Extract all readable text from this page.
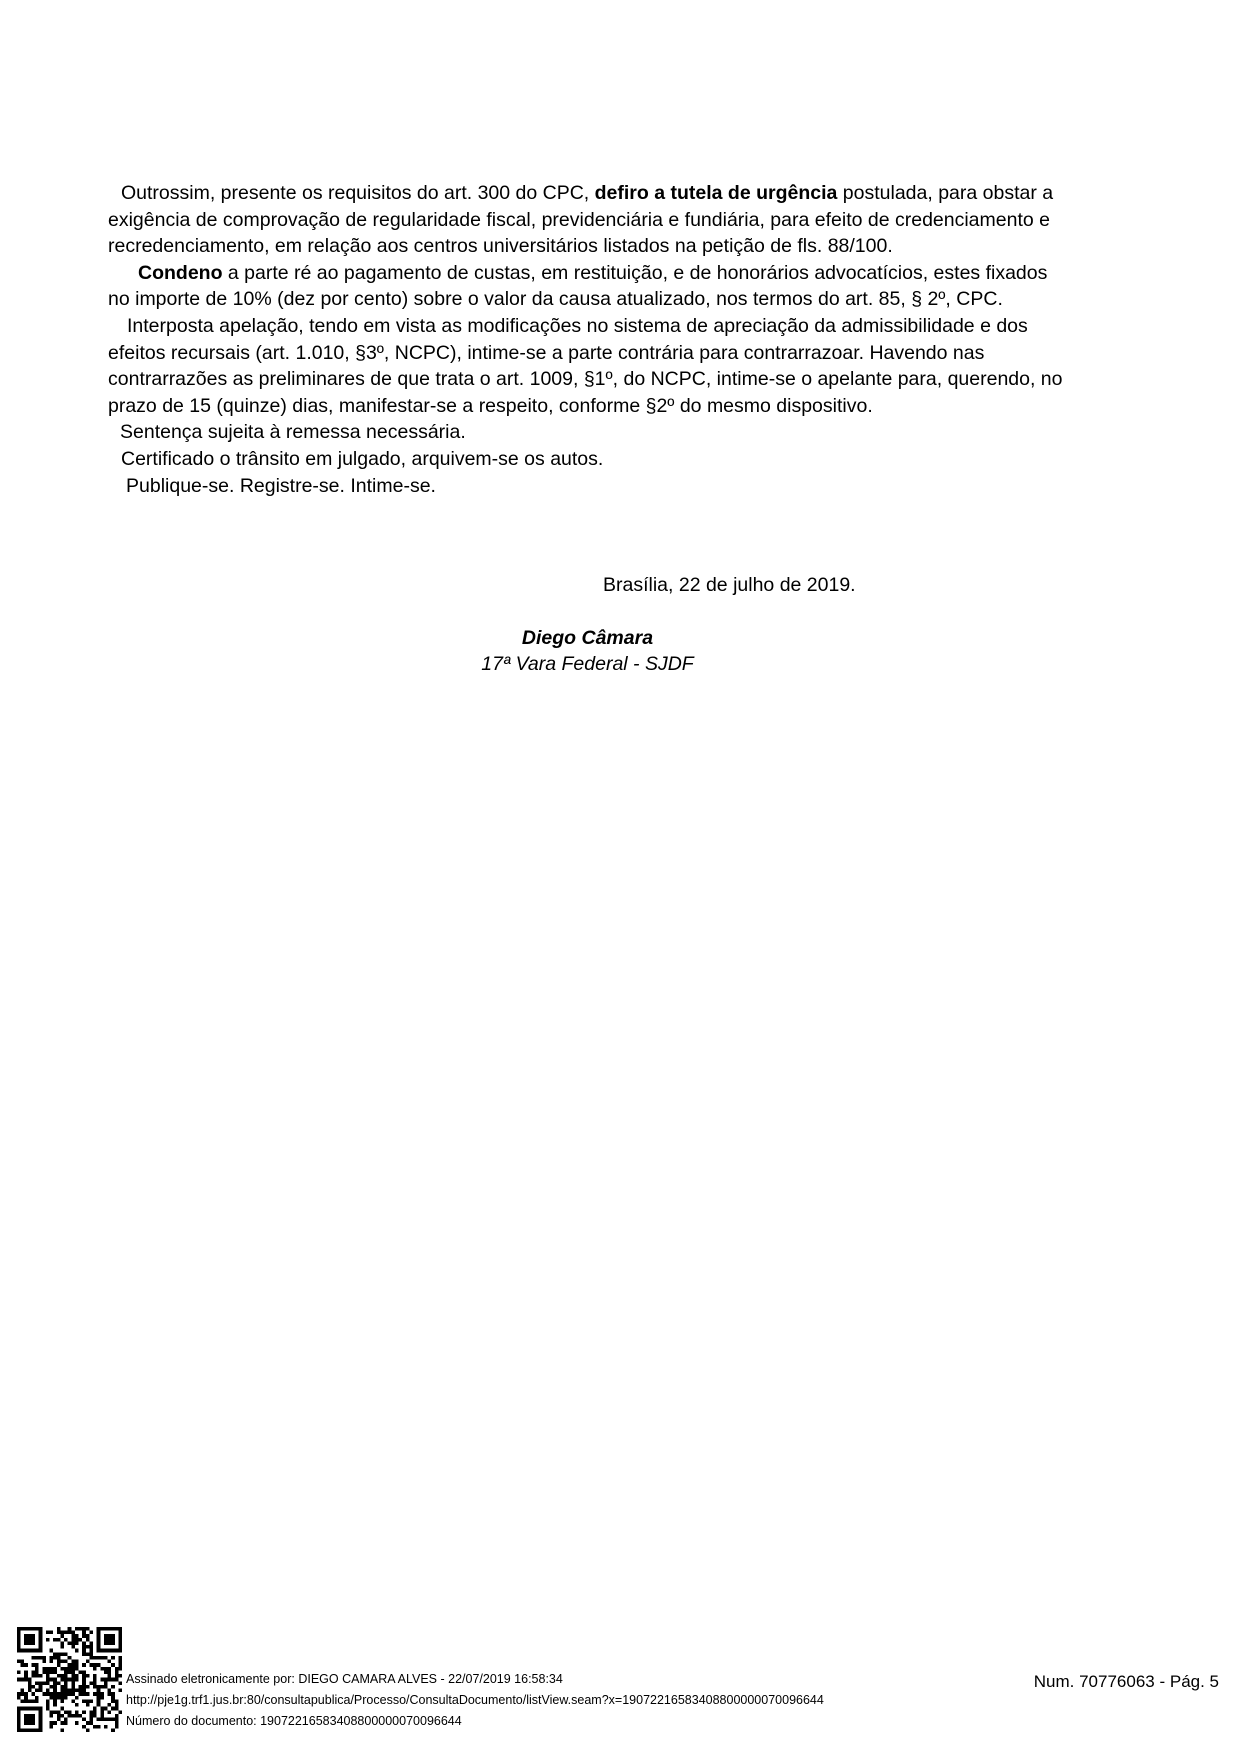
Outrossim, presente os requisitos do art. 300 do CPC, defiro a tutela de urgência postulada, para obstar a exigência de comprovação de regularidade fiscal, previdenciária e fundiária, para efeito de credenciamento e recredenciamento, em relação aos centros universitários listados na petição de fls. 88/100.

Condeno a parte ré ao pagamento de custas, em restituição, e de honorários advocatícios, estes fixados no importe de 10% (dez por cento) sobre o valor da causa atualizado, nos termos do art. 85, § 2º, CPC.

Interposta apelação, tendo em vista as modificações no sistema de apreciação da admissibilidade e dos efeitos recursais (art. 1.010, §3º, NCPC), intime-se a parte contrária para contrarrazoar. Havendo nas contrarrazões as preliminares de que trata o art. 1009, §1º, do NCPC, intime-se o apelante para, querendo, no prazo de 15 (quinze) dias, manifestar-se a respeito, conforme §2º do mesmo dispositivo.

Sentença sujeita à remessa necessária.

Certificado o trânsito em julgado, arquivem-se os autos.

Publique-se. Registre-se. Intime-se.

Brasília, 22 de julho de 2019.
Diego Câmara
17ª Vara Federal - SJDF
Assinado eletronicamente por: DIEGO CAMARA ALVES - 22/07/2019 16:58:34
http://pje1g.trf1.jus.br:80/consultapublica/Processo/ConsultaDocumento/listView.seam?x=19072216583408800000070096644
Número do documento: 19072216583408800000070096644
Num. 70776063 - Pág. 5
